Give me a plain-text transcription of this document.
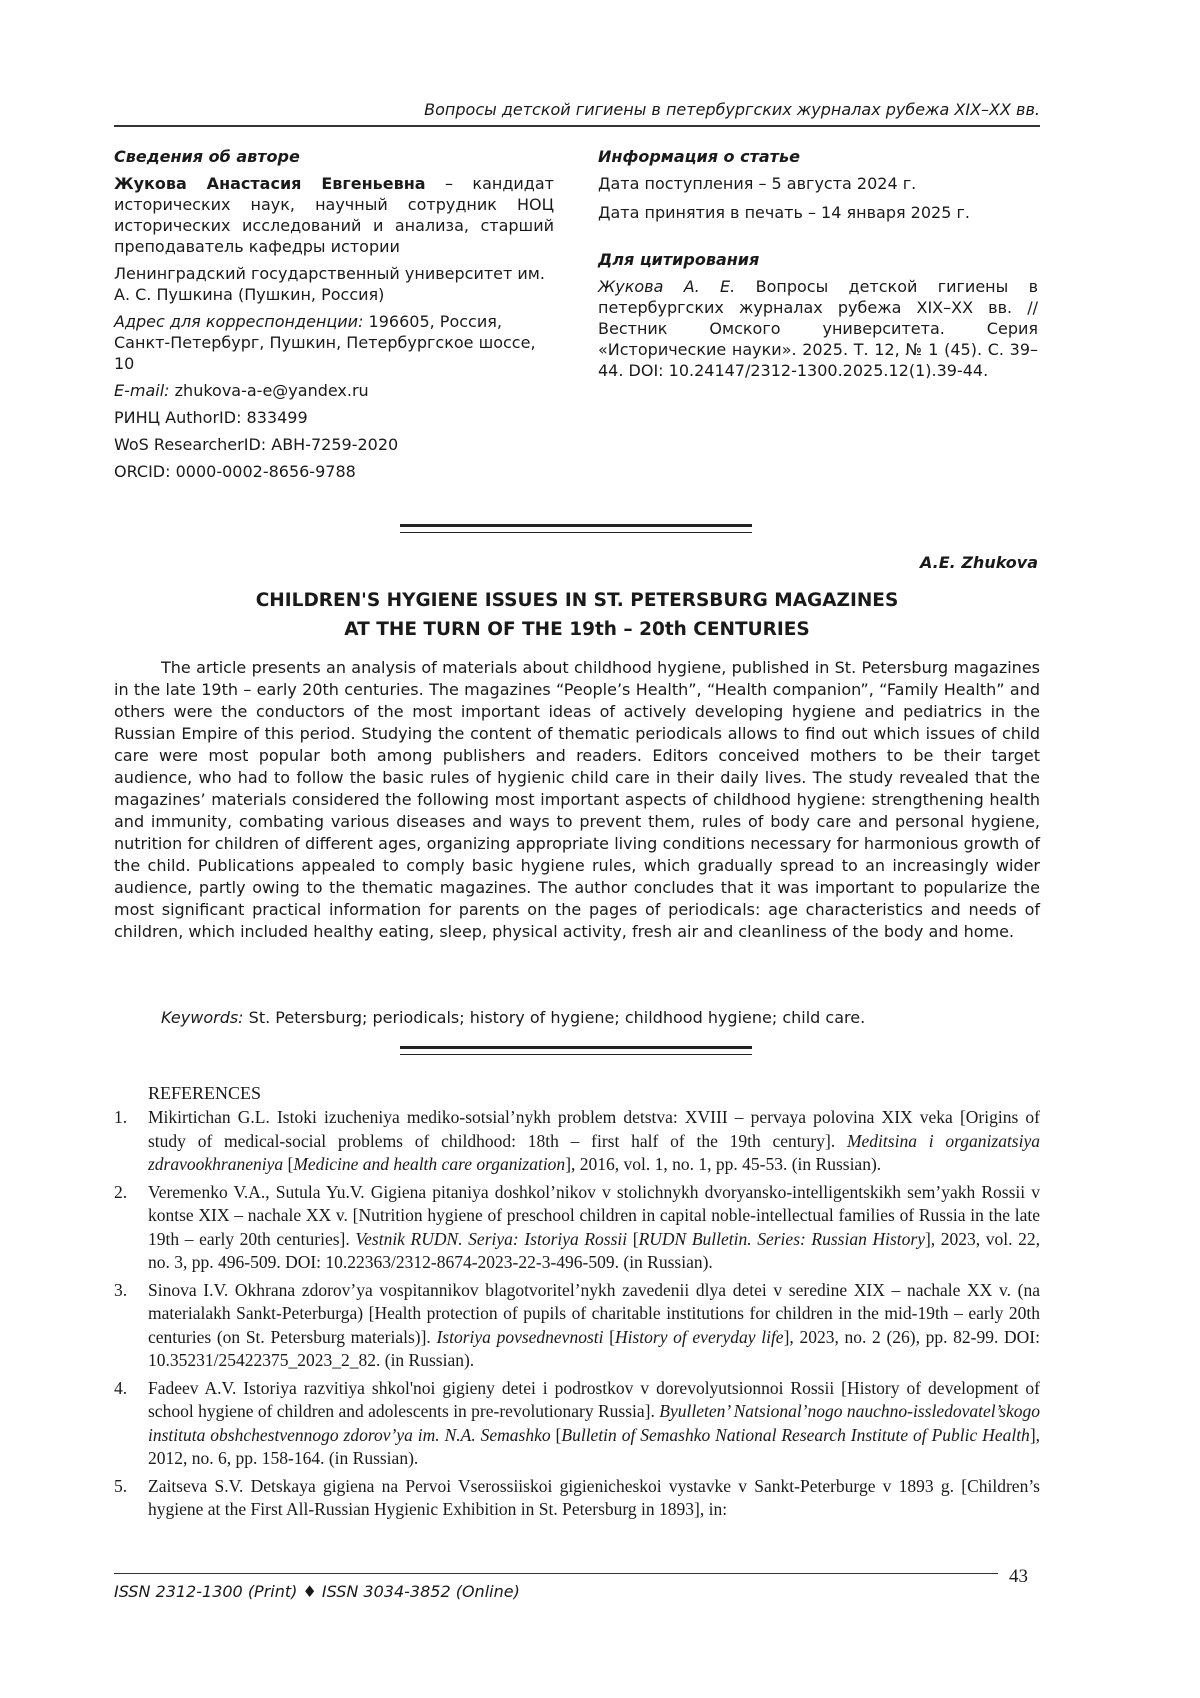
Вопросы детской гигиены в петербургских журналах рубежа XIX–XX вв.
Сведения об авторе

Жукова Анастасия Евгеньевна – кандидат исторических наук, научный сотрудник НОЦ исторических исследований и анализа, старший преподаватель кафедры истории

Ленинградский государственный университет им. А. С. Пушкина (Пушкин, Россия)

Адрес для корреспонденции: 196605, Россия, Санкт-Петербург, Пушкин, Петербургское шоссе, 10

E-mail: zhukova-a-e@yandex.ru

РИНЦ AuthorID: 833499

WoS ResearcherID: ABH-7259-2020

ORCID: 0000-0002-8656-9788

Информация о статье

Дата поступления – 5 августа 2024 г.

Дата принятия в печать – 14 января 2025 г.

Для цитирования

Жукова А. Е. Вопросы детской гигиены в петербургских журналах рубежа XIX–XX вв. // Вестник Омского университета. Серия «Исторические науки». 2025. Т. 12, № 1 (45). С. 39–44. DOI: 10.24147/2312-1300.2025.12(1).39-44.

A.E. Zhukova
CHILDREN'S HYGIENE ISSUES IN ST. PETERSBURG MAGAZINES
AT THE TURN OF THE 19th – 20th CENTURIES

The article presents an analysis of materials about childhood hygiene, published in St. Petersburg magazines in the late 19th – early 20th centuries. The magazines “People’s Health”, “Health companion”, “Family Health” and others were the conductors of the most important ideas of actively developing hygiene and pediatrics in the Russian Empire of this period. Studying the content of thematic periodicals allows to find out which issues of child care were most popular both among publishers and readers. Editors conceived mothers to be their target audience, who had to follow the basic rules of hygienic child care in their daily lives. The study revealed that the magazines’ materials considered the following most important aspects of childhood hygiene: strengthening health and immunity, combating various diseases and ways to prevent them, rules of body care and personal hygiene, nutrition for children of different ages, organizing appropriate living conditions necessary for harmonious growth of the child. Publications appealed to comply basic hygiene rules, which gradually spread to an increasingly wider audience, partly owing to the thematic magazines. The author concludes that it was important to popularize the most significant practical information for parents on the pages of periodicals: age characteristics and needs of children, which included healthy eating, sleep, physical activity, fresh air and cleanliness of the body and home.

Keywords: St. Petersburg; periodicals; history of hygiene; childhood hygiene; child care.
REFERENCES
1. Mikirtichan G.L. Istoki izucheniya mediko-sotsial’nykh problem detstva: XVIII – pervaya polovina XIX veka [Origins of study of medical-social problems of childhood: 18th – first half of the 19th century]. Meditsina i organizatsiya zdravookhraneniya [Medicine and health care organization], 2016, vol. 1, no. 1, pp. 45-53. (in Russian).
2. Veremenko V.A., Sutula Yu.V. Gigiena pitaniya doshkol’nikov v stolichnykh dvoryansko-intelligentskikh sem’yakh Rossii v kontse XIX – nachale XX v. [Nutrition hygiene of preschool children in capital noble-intellectual families of Russia in the late 19th – early 20th centuries]. Vestnik RUDN. Seriya: Istoriya Rossii [RUDN Bulletin. Series: Russian History], 2023, vol. 22, no. 3, pp. 496-509. DOI: 10.22363/2312-8674-2023-22-3-496-509. (in Russian).
3. Sinova I.V. Okhrana zdorov’ya vospitannikov blagotvoritel’nykh zavedenii dlya detei v seredine XIX – nachale XX v. (na materialakh Sankt-Peterburga) [Health protection of pupils of charitable institutions for children in the mid-19th – early 20th centuries (on St. Petersburg materials)]. Istoriya povsednevnosti [History of everyday life], 2023, no. 2 (26), pp. 82-99. DOI: 10.35231/25422375_2023_2_82. (in Russian).
4. Fadeev A.V. Istoriya razvitiya shkol'noi gigieny detei i podrostkov v dorevolyutsionnoi Rossii [History of development of school hygiene of children and adolescents in pre-revolutionary Russia]. Byulleten’ Natsional’nogo nauchno-issledovatel’skogo instituta obshchestvennogo zdorov’ya im. N.A. Semashko [Bulletin of Semashko National Research Institute of Public Health], 2012, no. 6, pp. 158-164. (in Russian).
5. Zaitseva S.V. Detskaya gigiena na Pervoi Vserossiiskoi gigienicheskoi vystavke v Sankt-Peterburge v 1893 g. [Children’s hygiene at the First All-Russian Hygienic Exhibition in St. Petersburg in 1893], in:
ISSN 2312-1300 (Print) ♦ ISSN 3034-3852 (Online)
43
